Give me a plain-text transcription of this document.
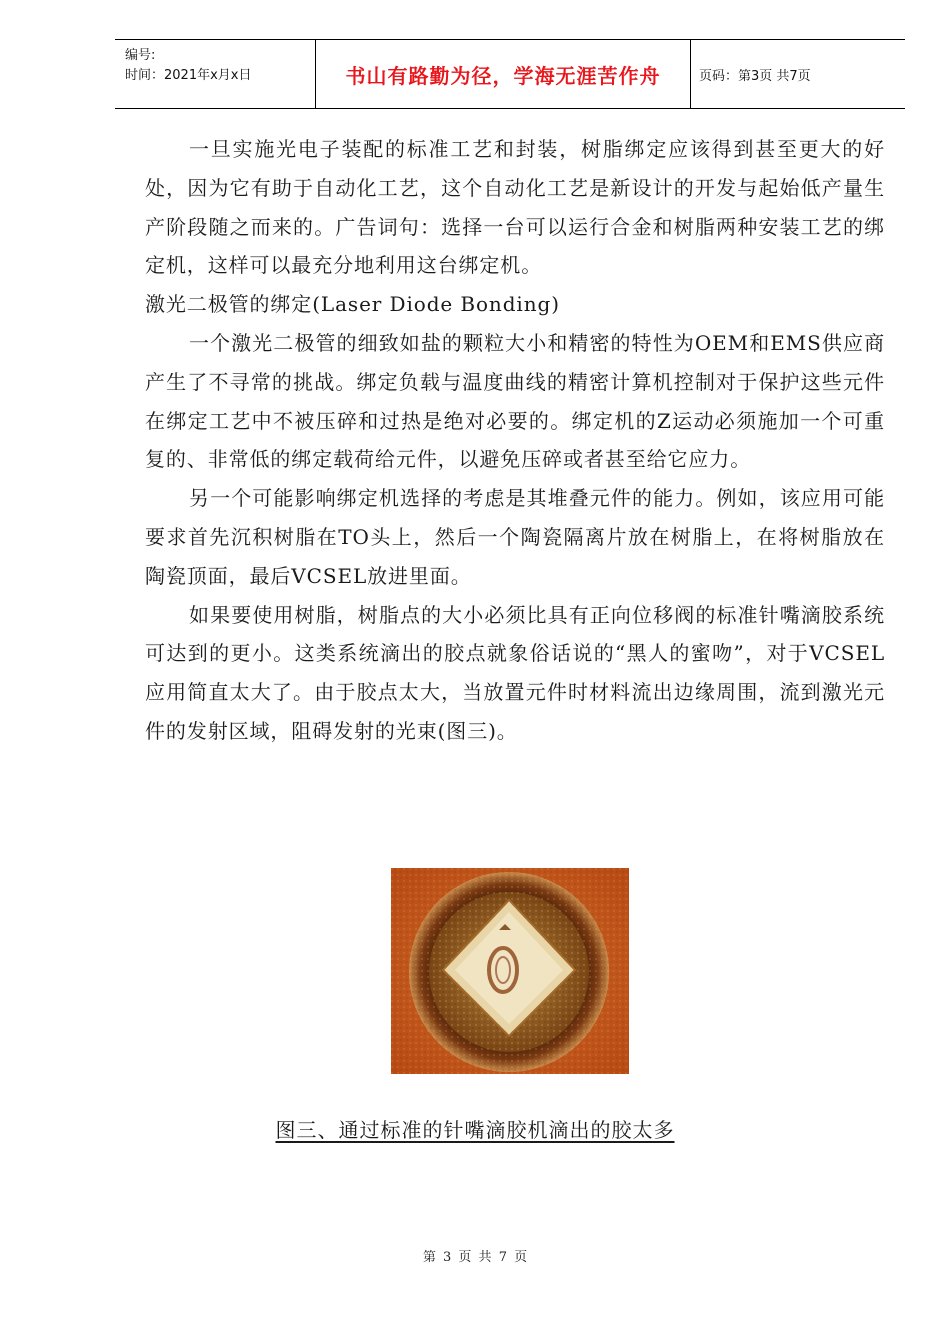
编号:
时间：2021年x月x日	书山有路勤为径，学海无涯苦作舟	页码：第3页 共7页

一旦实施光电子装配的标准工艺和封装，树脂绑定应该得到甚至更大的好处，因为它有助于自动化工艺，这个自动化工艺是新设计的开发与起始低产量生产阶段随之而来的。广告词句：选择一台可以运行合金和树脂两种安装工艺的绑定机，这样可以最充分地利用这台绑定机。

激光二极管的绑定(Laser Diode Bonding)

一个激光二极管的细致如盐的颗粒大小和精密的特性为OEM和EMS供应商产生了不寻常的挑战。绑定负载与温度曲线的精密计算机控制对于保护这些元件在绑定工艺中不被压碎和过热是绝对必要的。绑定机的Z运动必须施加一个可重复的、非常低的绑定载荷给元件，以避免压碎或者甚至给它应力。

另一个可能影响绑定机选择的考虑是其堆叠元件的能力。例如，该应用可能要求首先沉积树脂在TO头上，然后一个陶瓷隔离片放在树脂上，在将树脂放在陶瓷顶面，最后VCSEL放进里面。

如果要使用树脂，树脂点的大小必须比具有正向位移阀的标准针嘴滴胶系统可达到的更小。这类系统滴出的胶点就象俗话说的“黑人的蜜吻”，对于VCSEL应用简直太大了。由于胶点太大，当放置元件时材料流出边缘周围，流到激光元件的发射区域，阻碍发射的光束(图三)。

图三、通过标准的针嘴滴胶机滴出的胶太多
第 3 页 共 7 页
